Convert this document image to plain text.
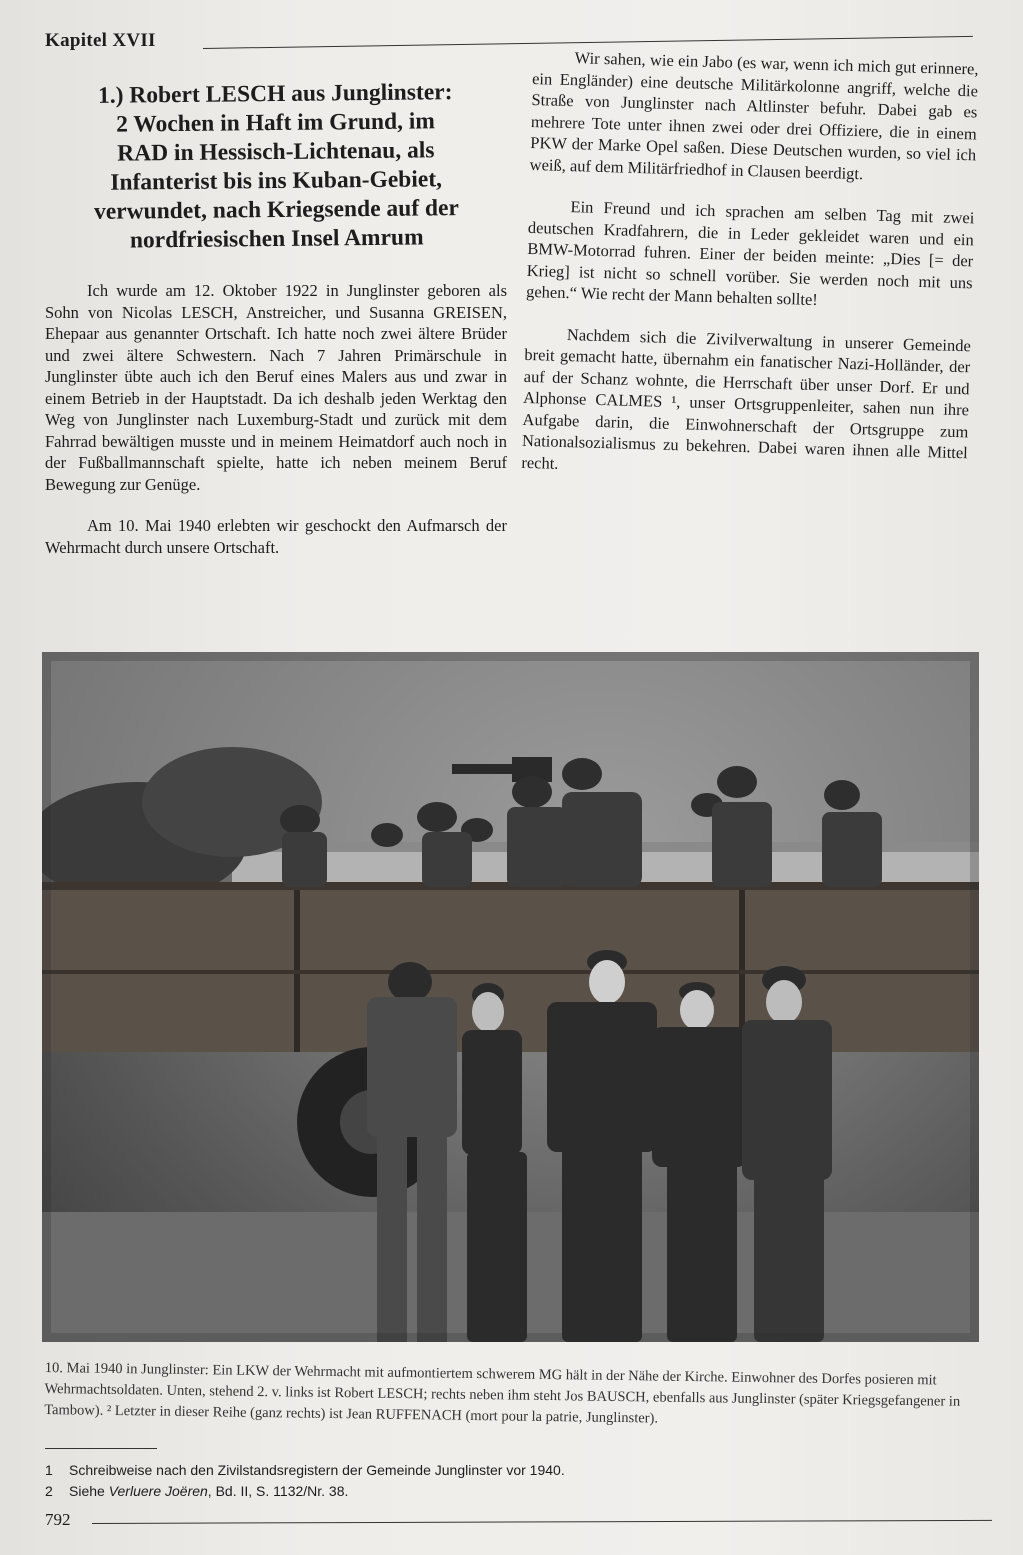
Kapitel XVII
1.) Robert LESCH aus Junglinster:
2 Wochen in Haft im Grund, im
RAD in Hessisch-Lichtenau, als
Infanterist bis ins Kuban-Gebiet,
verwundet, nach Kriegsende auf der
nordfriesischen Insel Amrum

Ich wurde am 12. Oktober 1922 in Junglinster geboren als Sohn von Nicolas LESCH, Anstreicher, und Susanna GREISEN, Ehepaar aus genannter Ortschaft. Ich hatte noch zwei ältere Brüder und zwei ältere Schwestern. Nach 7 Jahren Primärschule in Junglinster übte auch ich den Beruf eines Malers aus und zwar in einem Betrieb in der Hauptstadt. Da ich deshalb jeden Werktag den Weg von Junglinster nach Luxemburg-Stadt und zurück mit dem Fahrrad bewältigen musste und in meinem Heimatdorf auch noch in der Fußballmannschaft spielte, hatte ich neben meinem Beruf Bewegung zur Genüge.

Am 10. Mai 1940 erlebten wir geschockt den Aufmarsch der Wehrmacht durch unsere Ortschaft.

Wir sahen, wie ein Jabo (es war, wenn ich mich gut erinnere, ein Engländer) eine deutsche Militärkolonne angriff, welche die Straße von Junglinster nach Altlinster befuhr. Dabei gab es mehrere Tote unter ihnen zwei oder drei Offiziere, die in einem PKW der Marke Opel saßen. Diese Deutschen wurden, so viel ich weiß, auf dem Militärfriedhof in Clausen beerdigt.

Ein Freund und ich sprachen am selben Tag mit zwei deutschen Kradfahrern, die in Leder gekleidet waren und ein BMW-Motorrad fuhren. Einer der beiden meinte: „Dies [= der Krieg] ist nicht so schnell vorüber. Sie werden noch mit uns gehen.“ Wie recht der Mann behalten sollte!

Nachdem sich die Zivilverwaltung in unserer Gemeinde breit gemacht hatte, übernahm ein fanatischer Nazi-Holländer, der auf der Schanz wohnte, die Herrschaft über unser Dorf. Er und Alphonse CALMES ¹, unser Ortsgruppenleiter, sahen nun ihre Aufgabe darin, die Einwohnerschaft der Ortsgruppe zum Nationalsozialismus zu bekehren. Dabei waren ihnen alle Mittel recht.

10. Mai 1940 in Junglinster: Ein LKW der Wehrmacht mit aufmontiertem schwerem MG hält in der Nähe der Kirche. Einwohner des Dorfes posieren mit Wehrmachtsoldaten. Unten, stehend 2. v. links ist Robert LESCH; rechts neben ihm steht Jos BAUSCH, ebenfalls aus Junglinster (später Kriegsgefangener in Tambow). ² Letzter in dieser Reihe (ganz rechts) ist Jean RUFFENACH (mort pour la patrie, Junglinster).
1 Schreibweise nach den Zivilstandsregistern der Gemeinde Junglinster vor 1940.
2 Siehe Verluere Joëren, Bd. II, S. 1132/Nr. 38.
792
